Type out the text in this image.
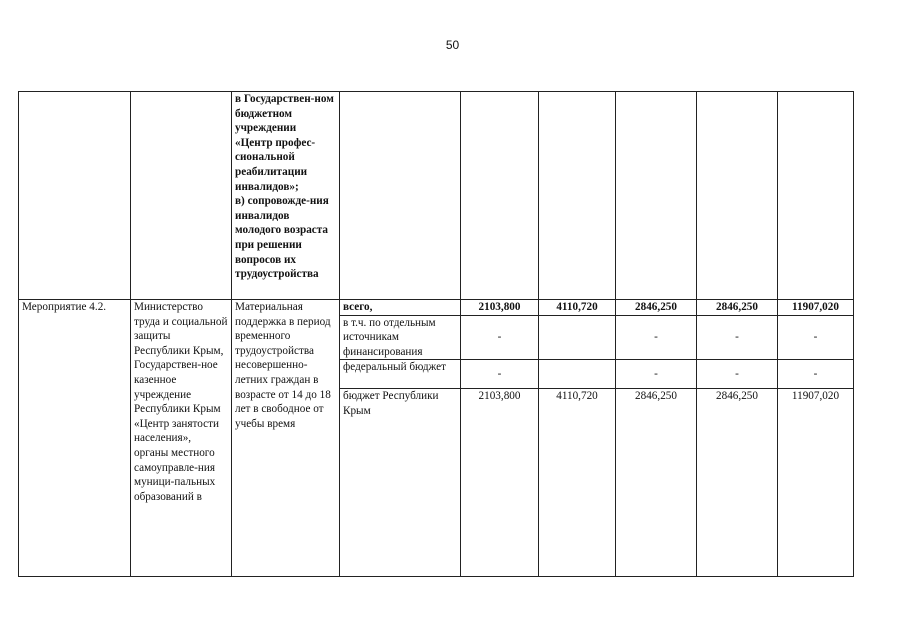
50

		в Государствен-ном бюджетном учреждении «Центр профес-сиональной реабилитации инвалидов»;
в) сопровожде-ния инвалидов молодого возраста при решении вопросов их трудоустройства						

Мероприятие 4.2.	Министерство труда и социальной защиты Республики Крым, Государствен-ное казенное учреждение Республики Крым «Центр занятости населения», органы местного самоуправле-ния муници-пальных образований в	Материальная поддержка в период временного трудоустройства несовершенно-летних граждан в возрасте от 14 до 18 лет в свободное от учебы время	всего,	2103,800	4110,720	2846,250	2846,250	11907,020
			в т.ч. по отдельным источникам финансирования	-		-	-	-
			федеральный бюджет	-		-	-	-
			бюджет Республики Крым	2103,800	4110,720	2846,250	2846,250	11907,020
